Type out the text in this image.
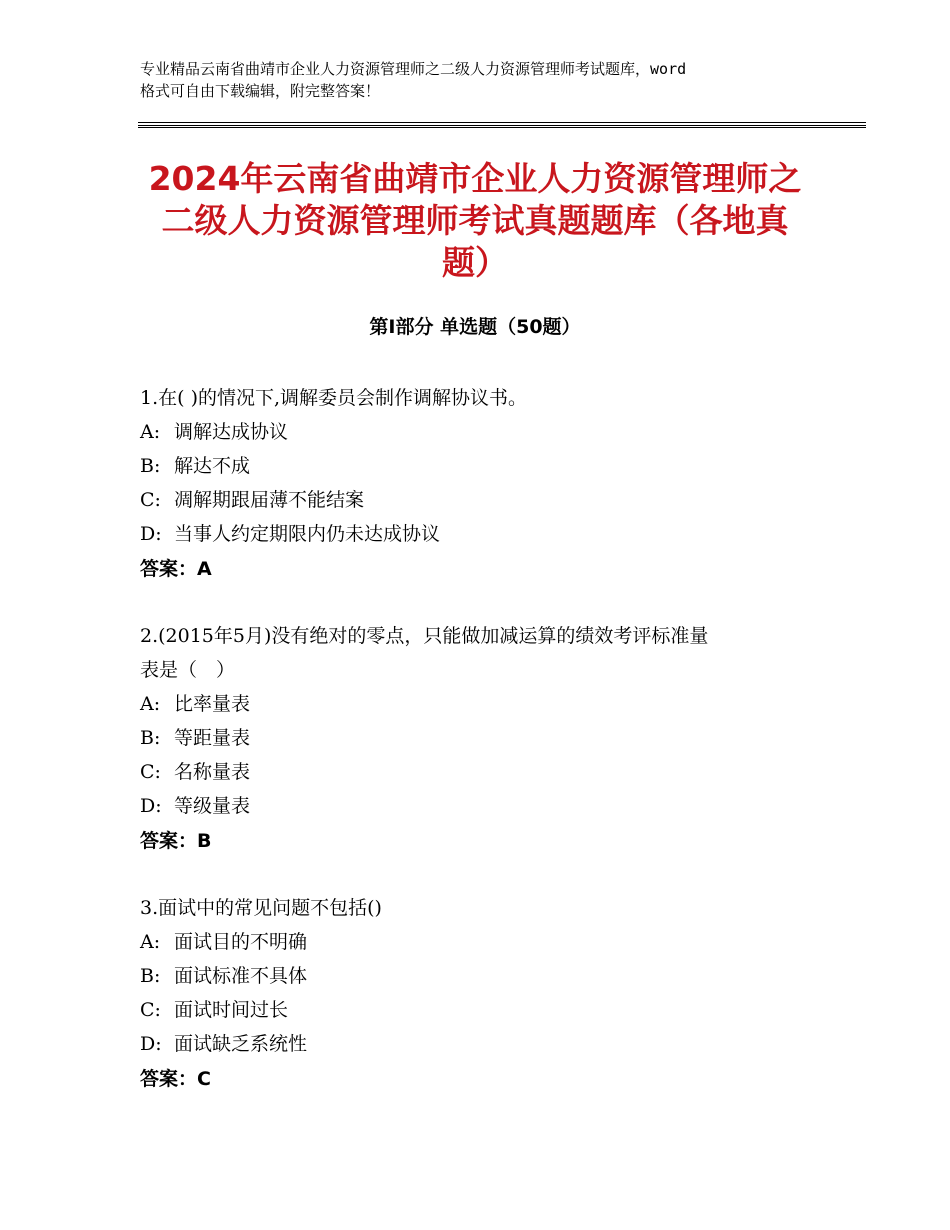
专业精品云南省曲靖市企业人力资源管理师之二级人力资源管理师考试题库，word
格式可自由下载编辑，附完整答案！
2024年云南省曲靖市企业人力资源管理师之
二级人力资源管理师考试真题题库（各地真
题）
第Ⅰ部分 单选题（50题）

1.在( )的情况下,调解委员会制作调解协议书。

A: 调解达成协议

B: 解达不成

C: 凋解期跟届薄不能结案

D: 当事人约定期限内仍未达成协议

答案：A

2.(2015年5月)没有绝对的零点，只能做加减运算的绩效考评标准量

表是（　）

A: 比率量表

B: 等距量表

C: 名称量表

D: 等级量表

答案：B

3.面试中的常见问题不包括()

A: 面试目的不明确

B: 面试标准不具体

C: 面试时间过长

D: 面试缺乏系统性

答案：C
